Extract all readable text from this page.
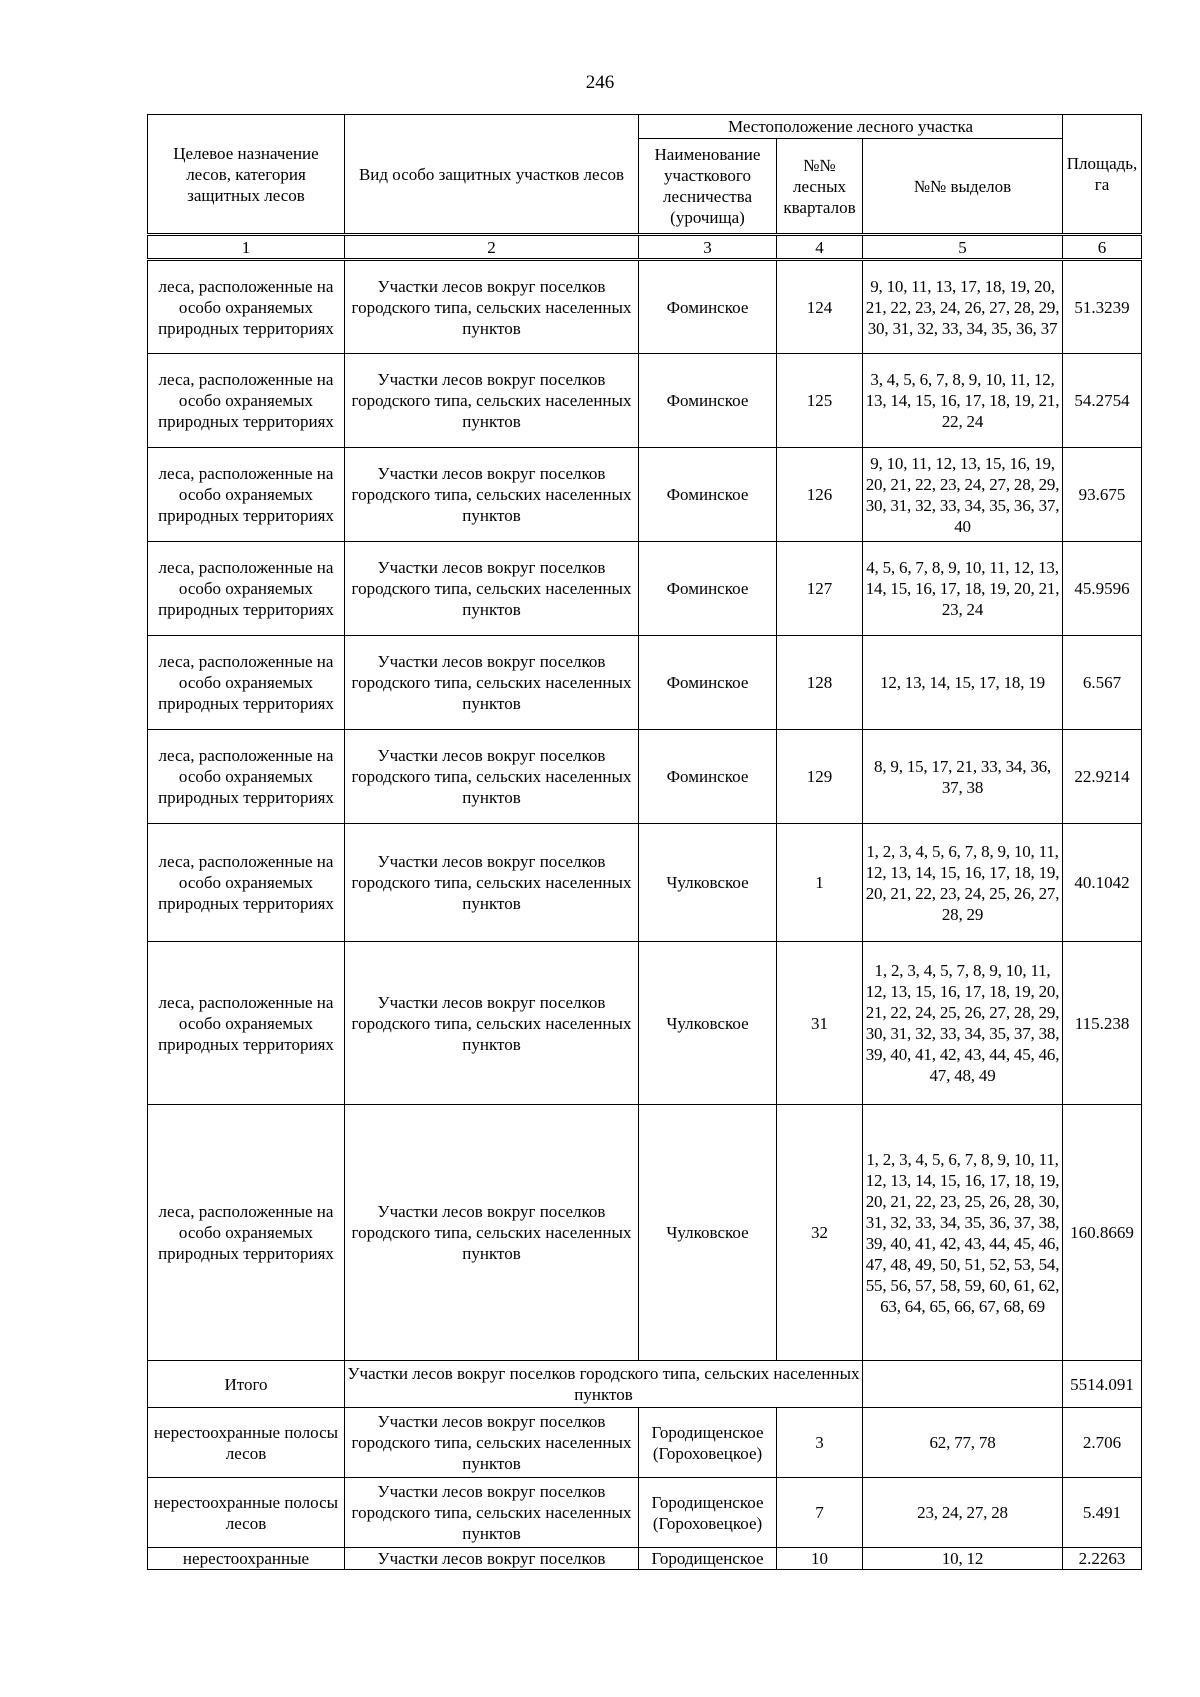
246
Целевое назначение лесов, категория защитных лесов	Вид особо защитных участков лесов	Местоположение лесного участка			Площадь, га
		Наименование участкового лесничества (урочища)	№№ лесных кварталов	№№ выделов	
1	2	3	4	5	6
леса, расположенные на особо охраняемых природных территориях	Участки лесов вокруг поселков городского типа, сельских населенных пунктов	Фоминское	124	9, 10, 11, 13, 17, 18, 19, 20, 21, 22, 23, 24, 26, 27, 28, 29, 30, 31, 32, 33, 34, 35, 36, 37	51.3239
леса, расположенные на особо охраняемых природных территориях	Участки лесов вокруг поселков городского типа, сельских населенных пунктов	Фоминское	125	3, 4, 5, 6, 7, 8, 9, 10, 11, 12, 13, 14, 15, 16, 17, 18, 19, 21, 22, 24	54.2754
леса, расположенные на особо охраняемых природных территориях	Участки лесов вокруг поселков городского типа, сельских населенных пунктов	Фоминское	126	9, 10, 11, 12, 13, 15, 16, 19, 20, 21, 22, 23, 24, 27, 28, 29, 30, 31, 32, 33, 34, 35, 36, 37, 40	93.675
леса, расположенные на особо охраняемых природных территориях	Участки лесов вокруг поселков городского типа, сельских населенных пунктов	Фоминское	127	4, 5, 6, 7, 8, 9, 10, 11, 12, 13, 14, 15, 16, 17, 18, 19, 20, 21, 23, 24	45.9596
леса, расположенные на особо охраняемых природных территориях	Участки лесов вокруг поселков городского типа, сельских населенных пунктов	Фоминское	128	12, 13, 14, 15, 17, 18, 19	6.567
леса, расположенные на особо охраняемых природных территориях	Участки лесов вокруг поселков городского типа, сельских населенных пунктов	Фоминское	129	8, 9, 15, 17, 21, 33, 34, 36, 37, 38	22.9214
леса, расположенные на особо охраняемых природных территориях	Участки лесов вокруг поселков городского типа, сельских населенных пунктов	Чулковское	1	1, 2, 3, 4, 5, 6, 7, 8, 9, 10, 11, 12, 13, 14, 15, 16, 17, 18, 19, 20, 21, 22, 23, 24, 25, 26, 27, 28, 29	40.1042
леса, расположенные на особо охраняемых природных территориях	Участки лесов вокруг поселков городского типа, сельских населенных пунктов	Чулковское	31	1, 2, 3, 4, 5, 7, 8, 9, 10, 11, 12, 13, 15, 16, 17, 18, 19, 20, 21, 22, 24, 25, 26, 27, 28, 29, 30, 31, 32, 33, 34, 35, 37, 38, 39, 40, 41, 42, 43, 44, 45, 46, 47, 48, 49	115.238
леса, расположенные на особо охраняемых природных территориях	Участки лесов вокруг поселков городского типа, сельских населенных пунктов	Чулковское	32	1, 2, 3, 4, 5, 6, 7, 8, 9, 10, 11, 12, 13, 14, 15, 16, 17, 18, 19, 20, 21, 22, 23, 25, 26, 28, 30, 31, 32, 33, 34, 35, 36, 37, 38, 39, 40, 41, 42, 43, 44, 45, 46, 47, 48, 49, 50, 51, 52, 53, 54, 55, 56, 57, 58, 59, 60, 61, 62, 63, 64, 65, 66, 67, 68, 69	160.8669
Итого	Участки лесов вокруг поселков городского типа, сельских населенных пунктов				5514.091
нерестоохранные полосы лесов	Участки лесов вокруг поселков городского типа, сельских населенных пунктов	Городищенское (Гороховецкое)	3	62, 77, 78	2.706
нерестоохранные полосы лесов	Участки лесов вокруг поселков городского типа, сельских населенных пунктов	Городищенское (Гороховецкое)	7	23, 24, 27, 28	5.491
нерестоохранные	Участки лесов вокруг поселков	Городищенское	10	10, 12	2.2263
